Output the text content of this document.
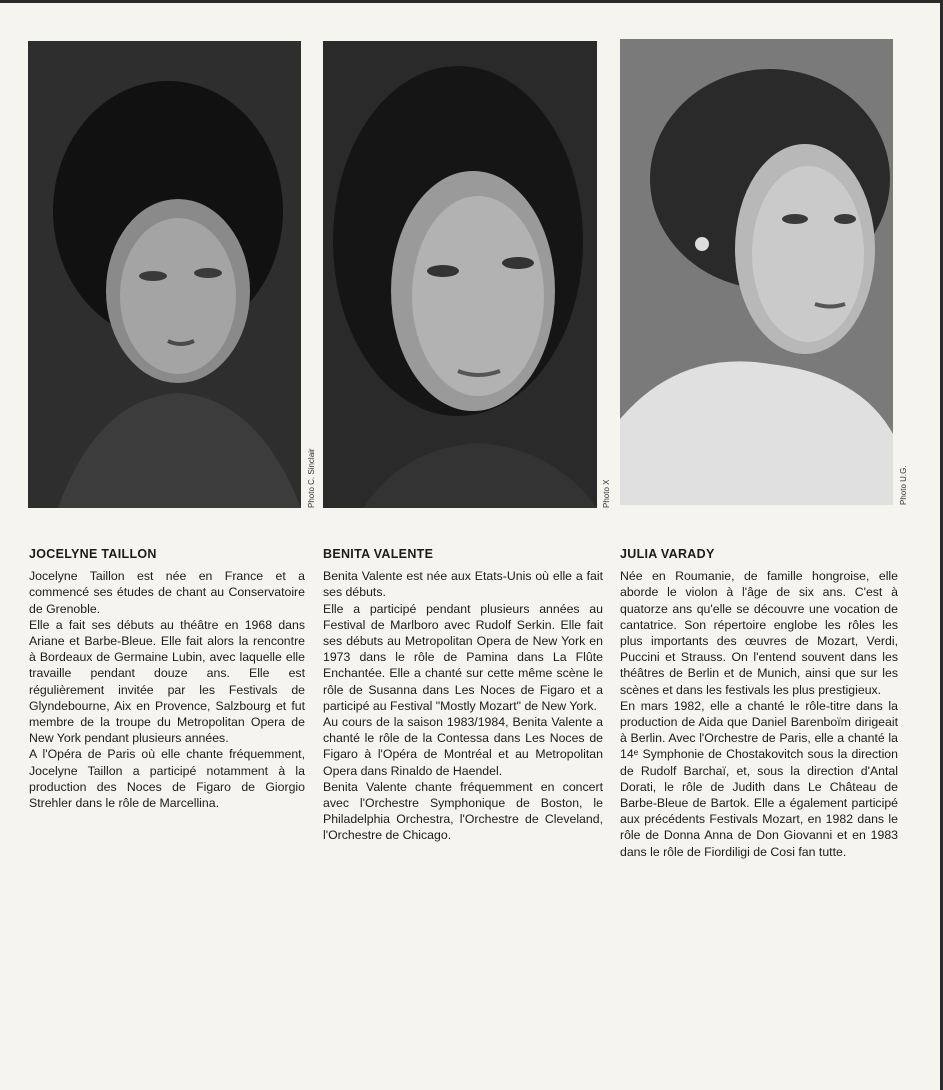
Photo C. Sinclair	Photo X	Photo U.G.
JOCELYNE TAILLON

Jocelyne Taillon est née en France et a commencé ses études de chant au Conservatoire de Grenoble.

Elle a fait ses débuts au théâtre en 1968 dans Ariane et Barbe-Bleue. Elle fait alors la rencontre à Bordeaux de Germaine Lubin, avec laquelle elle travaille pendant douze ans. Elle est régulièrement invitée par les Festivals de Glyndebourne, Aix en Provence, Salzbourg et fut membre de la troupe du Metropolitan Opera de New York pendant plusieurs années.

A l'Opéra de Paris où elle chante fréquemment, Jocelyne Taillon a participé notamment à la production des Noces de Figaro de Giorgio Strehler dans le rôle de Marcellina.

BENITA VALENTE

Benita Valente est née aux Etats-Unis où elle a fait ses débuts.

Elle a participé pendant plusieurs années au Festival de Marlboro avec Rudolf Serkin. Elle fait ses débuts au Metropolitan Opera de New York en 1973 dans le rôle de Pamina dans La Flûte Enchantée. Elle a chanté sur cette même scène le rôle de Susanna dans Les Noces de Figaro et a participé au Festival "Mostly Mozart" de New York.

Au cours de la saison 1983/1984, Benita Valente a chanté le rôle de la Contessa dans Les Noces de Figaro à l'Opéra de Montréal et au Metropolitan Opera dans Rinaldo de Haendel.

Benita Valente chante fréquemment en concert avec l'Orchestre Symphonique de Boston, le Philadelphia Orchestra, l'Orchestre de Cleveland, l'Orchestre de Chicago.

JULIA VARADY

Née en Roumanie, de famille hongroise, elle aborde le violon à l'âge de six ans. C'est à quatorze ans qu'elle se découvre une vocation de cantatrice. Son répertoire englobe les rôles les plus importants des œuvres de Mozart, Verdi, Puccini et Strauss. On l'entend souvent dans les théâtres de Berlin et de Munich, ainsi que sur les scènes et dans les festivals les plus prestigieux.

En mars 1982, elle a chanté le rôle-titre dans la production de Aida que Daniel Barenboïm dirigeait à Berlin. Avec l'Orchestre de Paris, elle a chanté la 14ᵉ Symphonie de Chostakovitch sous la direction de Rudolf Barchaï, et, sous la direction d'Antal Dorati, le rôle de Judith dans Le Château de Barbe-Bleue de Bartok. Elle a également participé aux précédents Festivals Mozart, en 1982 dans le rôle de Donna Anna de Don Giovanni et en 1983 dans le rôle de Fiordiligi de Cosi fan tutte.
